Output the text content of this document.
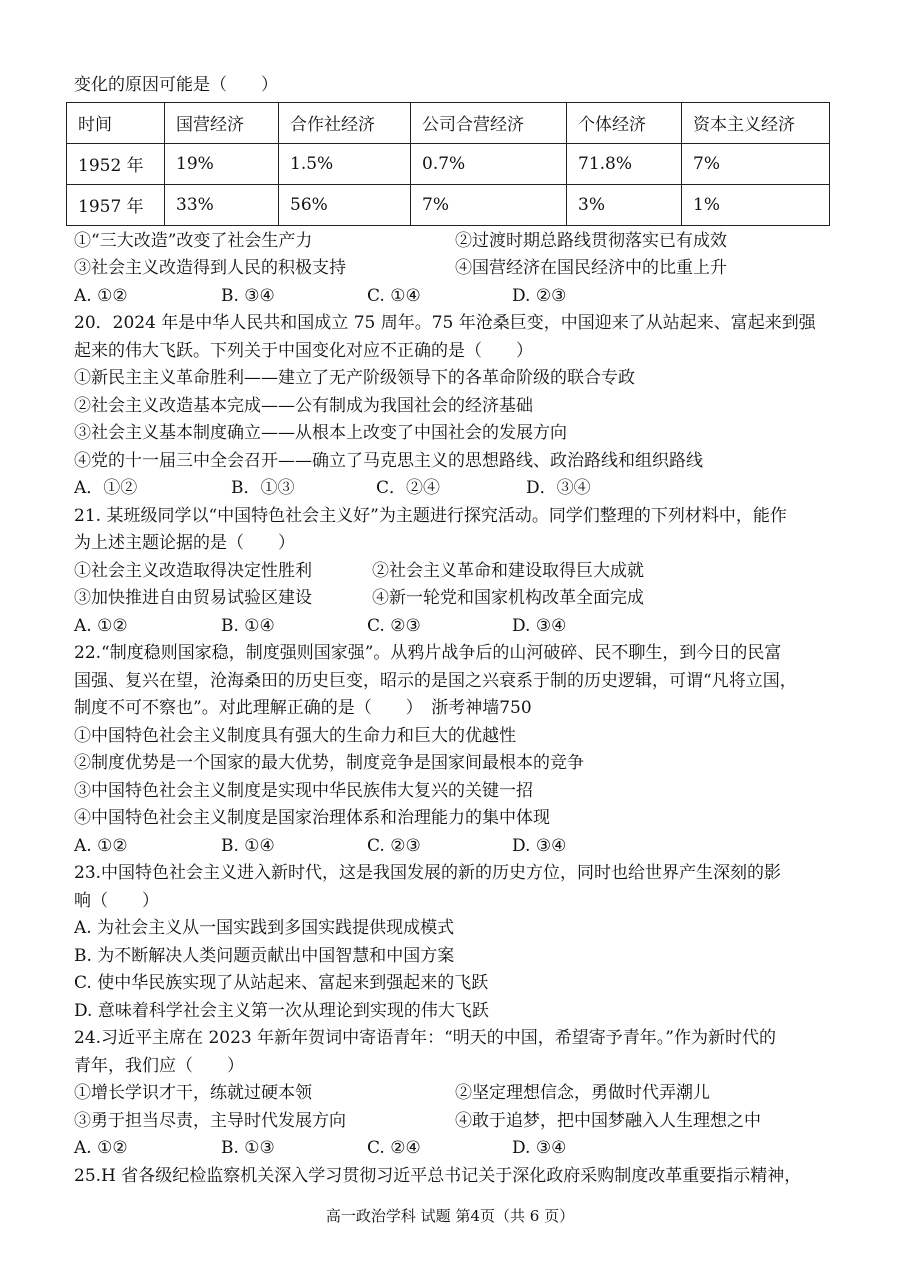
变化的原因可能是（　　）
时间	国营经济	合作社经济	公司合营经济	个体经济	资本主义经济
1952 年	19%	1.5%	0.7%	71.8%	7%
1957 年	33%	56%	7%	3%	1%
①“三大改造”改变了社会生产力	②过渡时期总路线贯彻落实已有成效
③社会主义改造得到人民的积极支持	④国营经济在国民经济中的比重上升
A. ①②	B. ③④	C. ①④	D. ②③
20．2024 年是中华人民共和国成立 75 周年。75 年沧桑巨变，中国迎来了从站起来、富起来到强
起来的伟大飞跃。下列关于中国变化对应不正确的是（　　）
①新民主主义革命胜利——建立了无产阶级领导下的各革命阶级的联合专政
②社会主义改造基本完成——公有制成为我国社会的经济基础
③社会主义基本制度确立——从根本上改变了中国社会的发展方向
④党的十一届三中全会召开——确立了马克思主义的思想路线、政治路线和组织路线
A．①②	B．①③	C．②④	D．③④
21. 某班级同学以“中国特色社会主义好”为主题进行探究活动。同学们整理的下列材料中，能作
为上述主题论据的是（　　）
①社会主义改造取得决定性胜利	②社会主义革命和建设取得巨大成就
③加快推进自由贸易试验区建设	④新一轮党和国家机构改革全面完成
A. ①②	B. ①④	C. ②③	D. ③④
22.“制度稳则国家稳，制度强则国家强”。从鸦片战争后的山河破碎、民不聊生，到今日的民富
国强、复兴在望，沧海桑田的历史巨变，昭示的是国之兴衰系于制的历史逻辑，可谓“凡将立国，
制度不可不察也”。对此理解正确的是（　　）　浙考神墙750
①中国特色社会主义制度具有强大的生命力和巨大的优越性
②制度优势是一个国家的最大优势，制度竞争是国家间最根本的竞争
③中国特色社会主义制度是实现中华民族伟大复兴的关键一招
④中国特色社会主义制度是国家治理体系和治理能力的集中体现
A. ①②	B. ①④	C. ②③	D. ③④
23.中国特色社会主义进入新时代，这是我国发展的新的历史方位，同时也给世界产生深刻的影
响（　　）
A. 为社会主义从一国实践到多国实践提供现成模式
B. 为不断解决人类问题贡献出中国智慧和中国方案
C. 使中华民族实现了从站起来、富起来到强起来的飞跃
D. 意味着科学社会主义第一次从理论到实现的伟大飞跃
24.习近平主席在 2023 年新年贺词中寄语青年：“明天的中国，希望寄予青年。”作为新时代的
青年，我们应（　　）
①增长学识才干，练就过硬本领	②坚定理想信念，勇做时代弄潮儿
③勇于担当尽责，主导时代发展方向	④敢于追梦，把中国梦融入人生理想之中
A. ①②	B. ①③	C. ②④	D. ③④
25.H 省各级纪检监察机关深入学习贯彻习近平总书记关于深化政府采购制度改革重要指示精神，
高一政治学科 试题 第4页（共 6 页）
